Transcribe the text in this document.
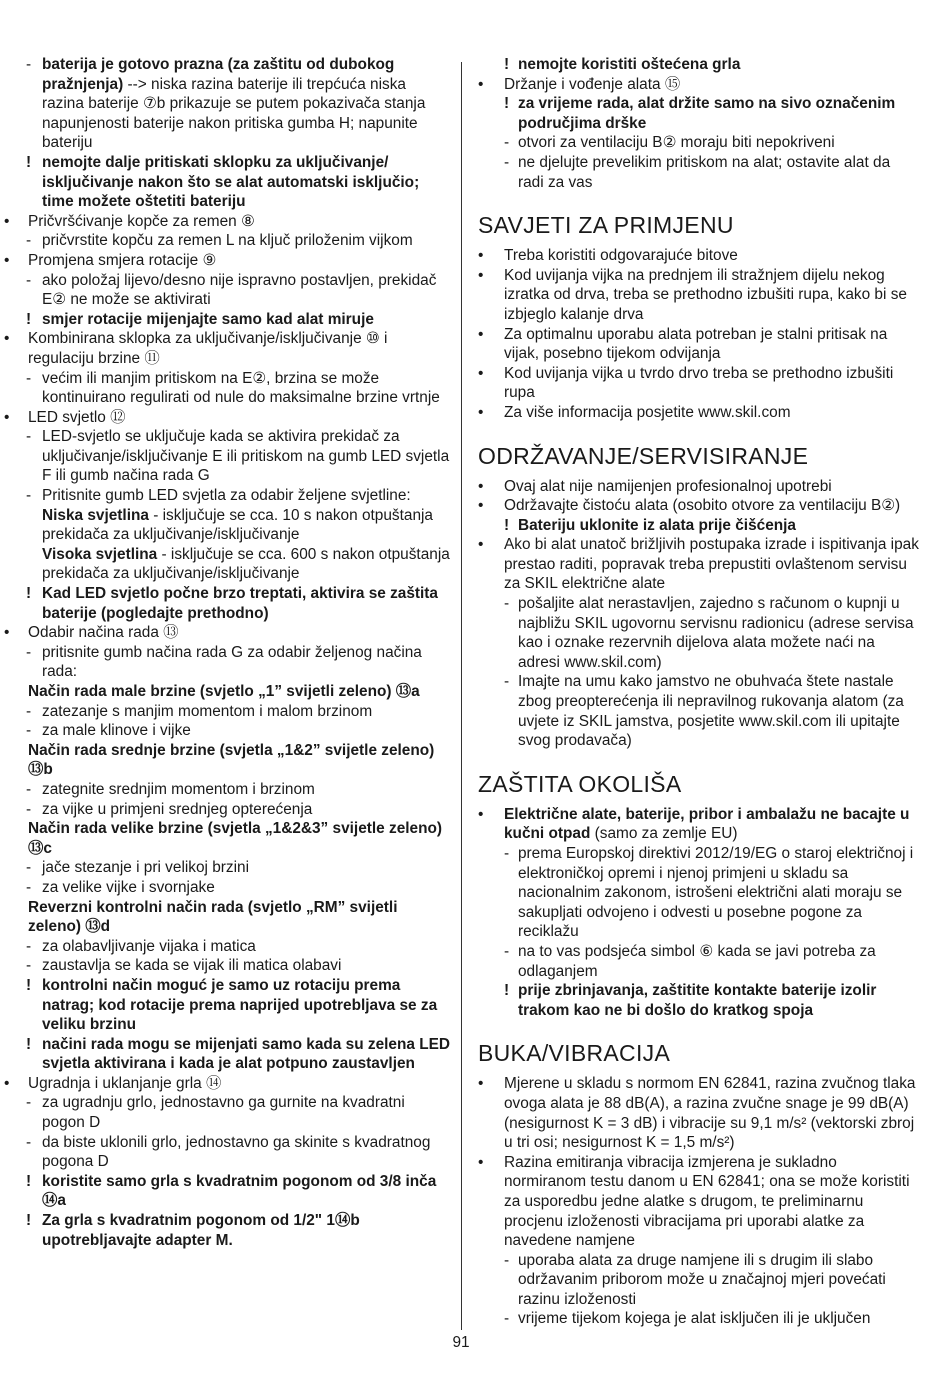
- baterija je gotovo prazna (za zaštitu od dubokog pražnjenja) --> niska razina baterije ili trepćuća niska razina baterije ⑦b prikazuje se putem pokazivača stanja napunjenosti baterije nakon pritiska gumba H; napunite bateriju
! nemojte dalje pritiskati sklopku za uključivanje/ isključivanje nakon što se alat automatski isključio; time možete oštetiti bateriju
• Pričvršćivanje kopče za remen ⑧
- pričvrstite kopču za remen L na ključ priloženim vijkom
• Promjena smjera rotacije ⑨
- ako položaj lijevo/desno nije ispravno postavljen, prekidač E② ne može se aktivirati
! smjer rotacije mijenjajte samo kad alat miruje
• Kombinirana sklopka za uključivanje/isključivanje ⑩ i regulaciju brzine ⑪
- većim ili manjim pritiskom na E②, brzina se može kontinuirano regulirati od nule do maksimalne brzine vrtnje
• LED svjetlo ⑫
- LED-svjetlo se uključuje kada se aktivira prekidač za uključivanje/isključivanje E ili pritiskom na gumb LED svjetla F ili gumb načina rada G
- Pritisnite gumb LED svjetla za odabir željene svjetline:
Niska svjetlina - isključuje se cca. 10 s nakon otpuštanja prekidača za uključivanje/isključivanje
Visoka svjetlina - isključuje se cca. 600 s nakon otpuštanja prekidača za uključivanje/isključivanje
! Kad LED svjetlo počne brzo treptati, aktivira se zaštita baterije (pogledajte prethodno)
• Odabir načina rada ⑬
- pritisnite gumb načina rada G za odabir željenog načina rada:
Način rada male brzine (svjetlo „1” svijetli zeleno) ⑬a
- zatezanje s manjim momentom i malom brzinom
- za male klinove i vijke
Način rada srednje brzine (svjetla „1&2” svijetle zeleno) ⑬b
- zategnite srednjim momentom i brzinom
- za vijke u primjeni srednjeg opterećenja
Način rada velike brzine (svjetla „1&2&3” svijetle zeleno) ⑬c
- jače stezanje i pri velikoj brzini
- za velike vijke i svornjake
Reverzni kontrolni način rada (svjetlo „RM” svijetli zeleno) ⑬d
- za olabavljivanje vijaka i matica
- zaustavlja se kada se vijak ili matica olabavi
! kontrolni način moguć je samo uz rotaciju prema natrag; kod rotacije prema naprijed upotrebljava se za veliku brzinu
! načini rada mogu se mijenjati samo kada su zelena LED svjetla aktivirana i kada je alat potpuno zaustavljen
• Ugradnja i uklanjanje grla ⑭
- za ugradnju grlo, jednostavno ga gurnite na kvadratni pogon D
- da biste uklonili grlo, jednostavno ga skinite s kvadratnog pogona D
! koristite samo grla s kvadratnim pogonom od 3/8 inča ⑭a
! Za grla s kvadratnim pogonom od 1/2" 1⑭b upotrebljavajte adapter M.
! nemojte koristiti oštećena grla
• Držanje i vođenje alata ⑮
! za vrijeme rada, alat držite samo na sivo označenim područjima drške
- otvori za ventilaciju B② moraju biti nepokriveni
- ne djelujte prevelikim pritiskom na alat; ostavite alat da radi za vas
SAVJETI ZA PRIMJENU
• Treba koristiti odgovarajuće bitove
• Kod uvijanja vijka na prednjem ili stražnjem dijelu nekog izratka od drva, treba se prethodno izbušiti rupa, kako bi se izbjeglo kalanje drva
• Za optimalnu uporabu alata potreban je stalni pritisak na vijak, posebno tijekom odvijanja
• Kod uvijanja vijka u tvrdo drvo treba se prethodno izbušiti rupa
• Za više informacija posjetite www.skil.com
ODRŽAVANJE/SERVISIRANJE
• Ovaj alat nije namijenjen profesionalnoj upotrebi
• Održavajte čistoću alata (osobito otvore za ventilaciju B②)
! Bateriju uklonite iz alata prije čišćenja
• Ako bi alat unatoč brižljivih postupaka izrade i ispitivanja ipak prestao raditi, popravak treba prepustiti ovlaštenom servisu za SKIL električne alate
- pošaljite alat nerastavljen, zajedno s računom o kupnji u najbližu SKIL ugovornu servisnu radionicu (adrese servisa kao i oznake rezervnih dijelova alata možete naći na adresi www.skil.com)
- Imajte na umu kako jamstvo ne obuhvaća štete nastale zbog preopterećenja ili nepravilnog rukovanja alatom (za uvjete iz SKIL jamstva, posjetite www.skil.com ili upitajte svog prodavača)
ZAŠTITA OKOLIŠA
• Električne alate, baterije, pribor i ambalažu ne bacajte u kučni otpad (samo za zemlje EU)
- prema Europskoj direktivi 2012/19/EG o staroj električnoj i elektroničkoj opremi i njenoj primjeni u skladu sa nacionalnim zakonom, istrošeni električni alati moraju se sakupljati odvojeno i odvesti u posebne pogone za reciklažu
- na to vas podsjeća simbol ⑥ kada se javi potreba za odlaganjem
! prije zbrinjavanja, zaštitite kontakte baterije izolir trakom kao ne bi došlo do kratkog spoja
BUKA/VIBRACIJA
• Mjerene u skladu s normom EN 62841, razina zvučnog tlaka ovoga alata je 88 dB(A), a razina zvučne snage je 99 dB(A) (nesigurnost K = 3 dB) i vibracije su 9,1 m/s² (vektorski zbroj u tri osi; nesigurnost K = 1,5 m/s²)
• Razina emitiranja vibracija izmjerena je sukladno normiranom testu danom u EN 62841; ona se može koristiti za usporedbu jedne alatke s drugom, te preliminarnu procjenu izloženosti vibracijama pri uporabi alatke za navedene namjene
- uporaba alata za druge namjene ili s drugim ili slabo održavanim priborom može u značajnoj mjeri povećati razinu izloženosti
- vrijeme tijekom kojega je alat isključen ili je uključen
91
